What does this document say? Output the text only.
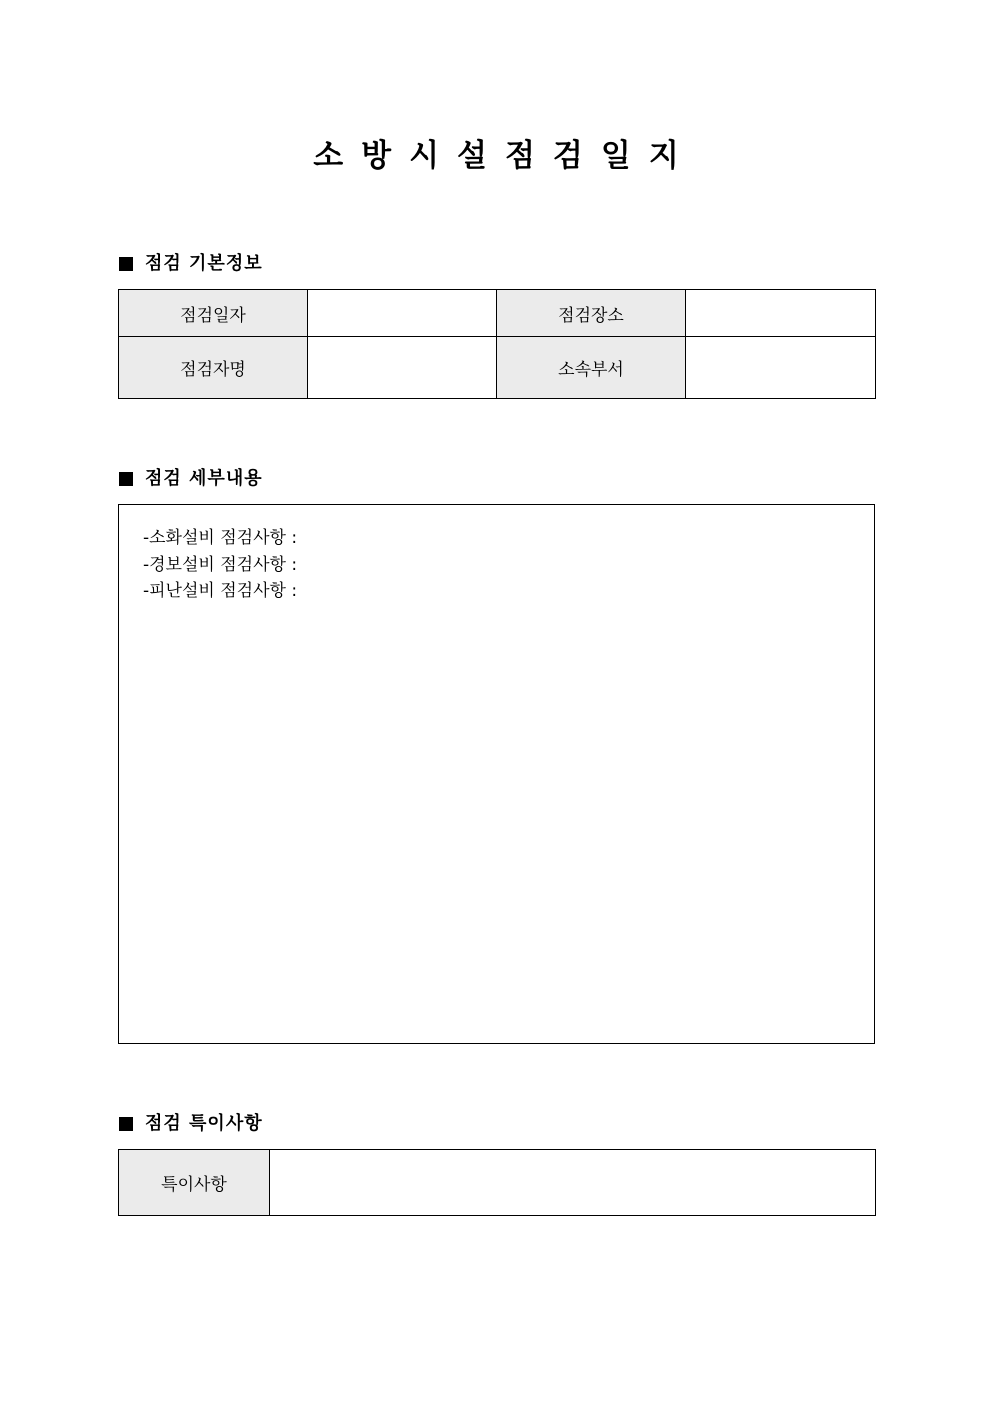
소방시설점검일지
점검 기본정보
점검일자		점검장소	
점검자명		소속부서	
점검 세부내용
-소화설비 점검사항 :
-경보설비 점검사항 :
-피난설비 점검사항 :
점검 특이사항
특이사항	
